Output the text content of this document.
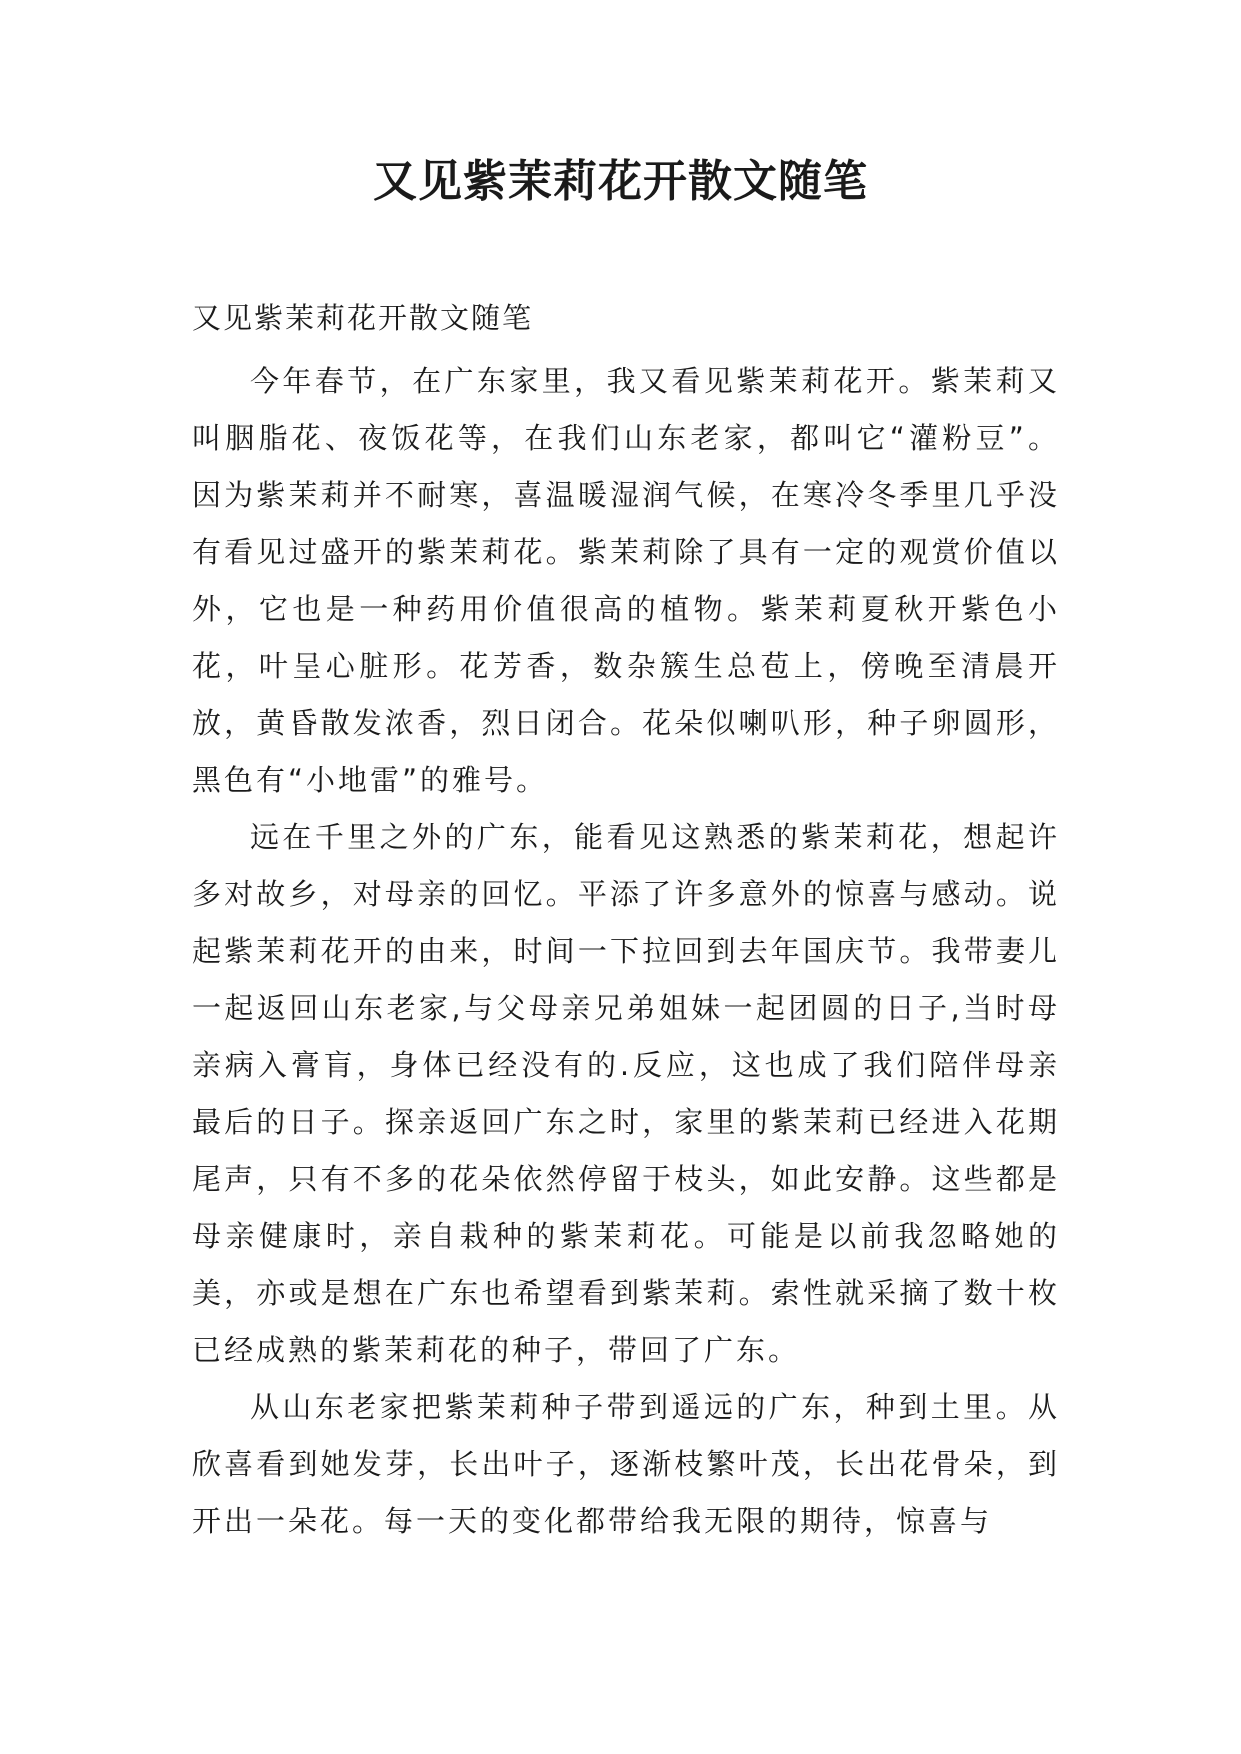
又见紫茉莉花开散文随笔

又见紫茉莉花开散文随笔

今年春节，在广东家里，我又看见紫茉莉花开。紫茉莉又叫胭脂花、夜饭花等，在我们山东老家，都叫它“灌粉豆”。因为紫茉莉并不耐寒，喜温暖湿润气候，在寒冷冬季里几乎没有看见过盛开的紫茉莉花。紫茉莉除了具有一定的观赏价值以外，它也是一种药用价值很高的植物。紫茉莉夏秋开紫色小花，叶呈心脏形。花芳香，数杂簇生总苞上，傍晚至清晨开放，黄昏散发浓香，烈日闭合。花朵似喇叭形，种子卵圆形，黑色有“小地雷”的雅号。

远在千里之外的广东，能看见这熟悉的紫茉莉花，想起许多对故乡，对母亲的回忆。平添了许多意外的惊喜与感动。说起紫茉莉花开的由来，时间一下拉回到去年国庆节。我带妻儿一起返回山东老家,与父母亲兄弟姐妹一起团圆的日子,当时母亲病入膏肓，身体已经没有的.反应，这也成了我们陪伴母亲最后的日子。探亲返回广东之时，家里的紫茉莉已经进入花期尾声，只有不多的花朵依然停留于枝头，如此安静。这些都是母亲健康时，亲自栽种的紫茉莉花。可能是以前我忽略她的美，亦或是想在广东也希望看到紫茉莉。索性就采摘了数十枚已经成熟的紫茉莉花的种子，带回了广东。

从山东老家把紫茉莉种子带到遥远的广东，种到土里。从欣喜看到她发芽，长出叶子，逐渐枝繁叶茂，长出花骨朵，到开出一朵花。每一天的变化都带给我无限的期待，惊喜与
